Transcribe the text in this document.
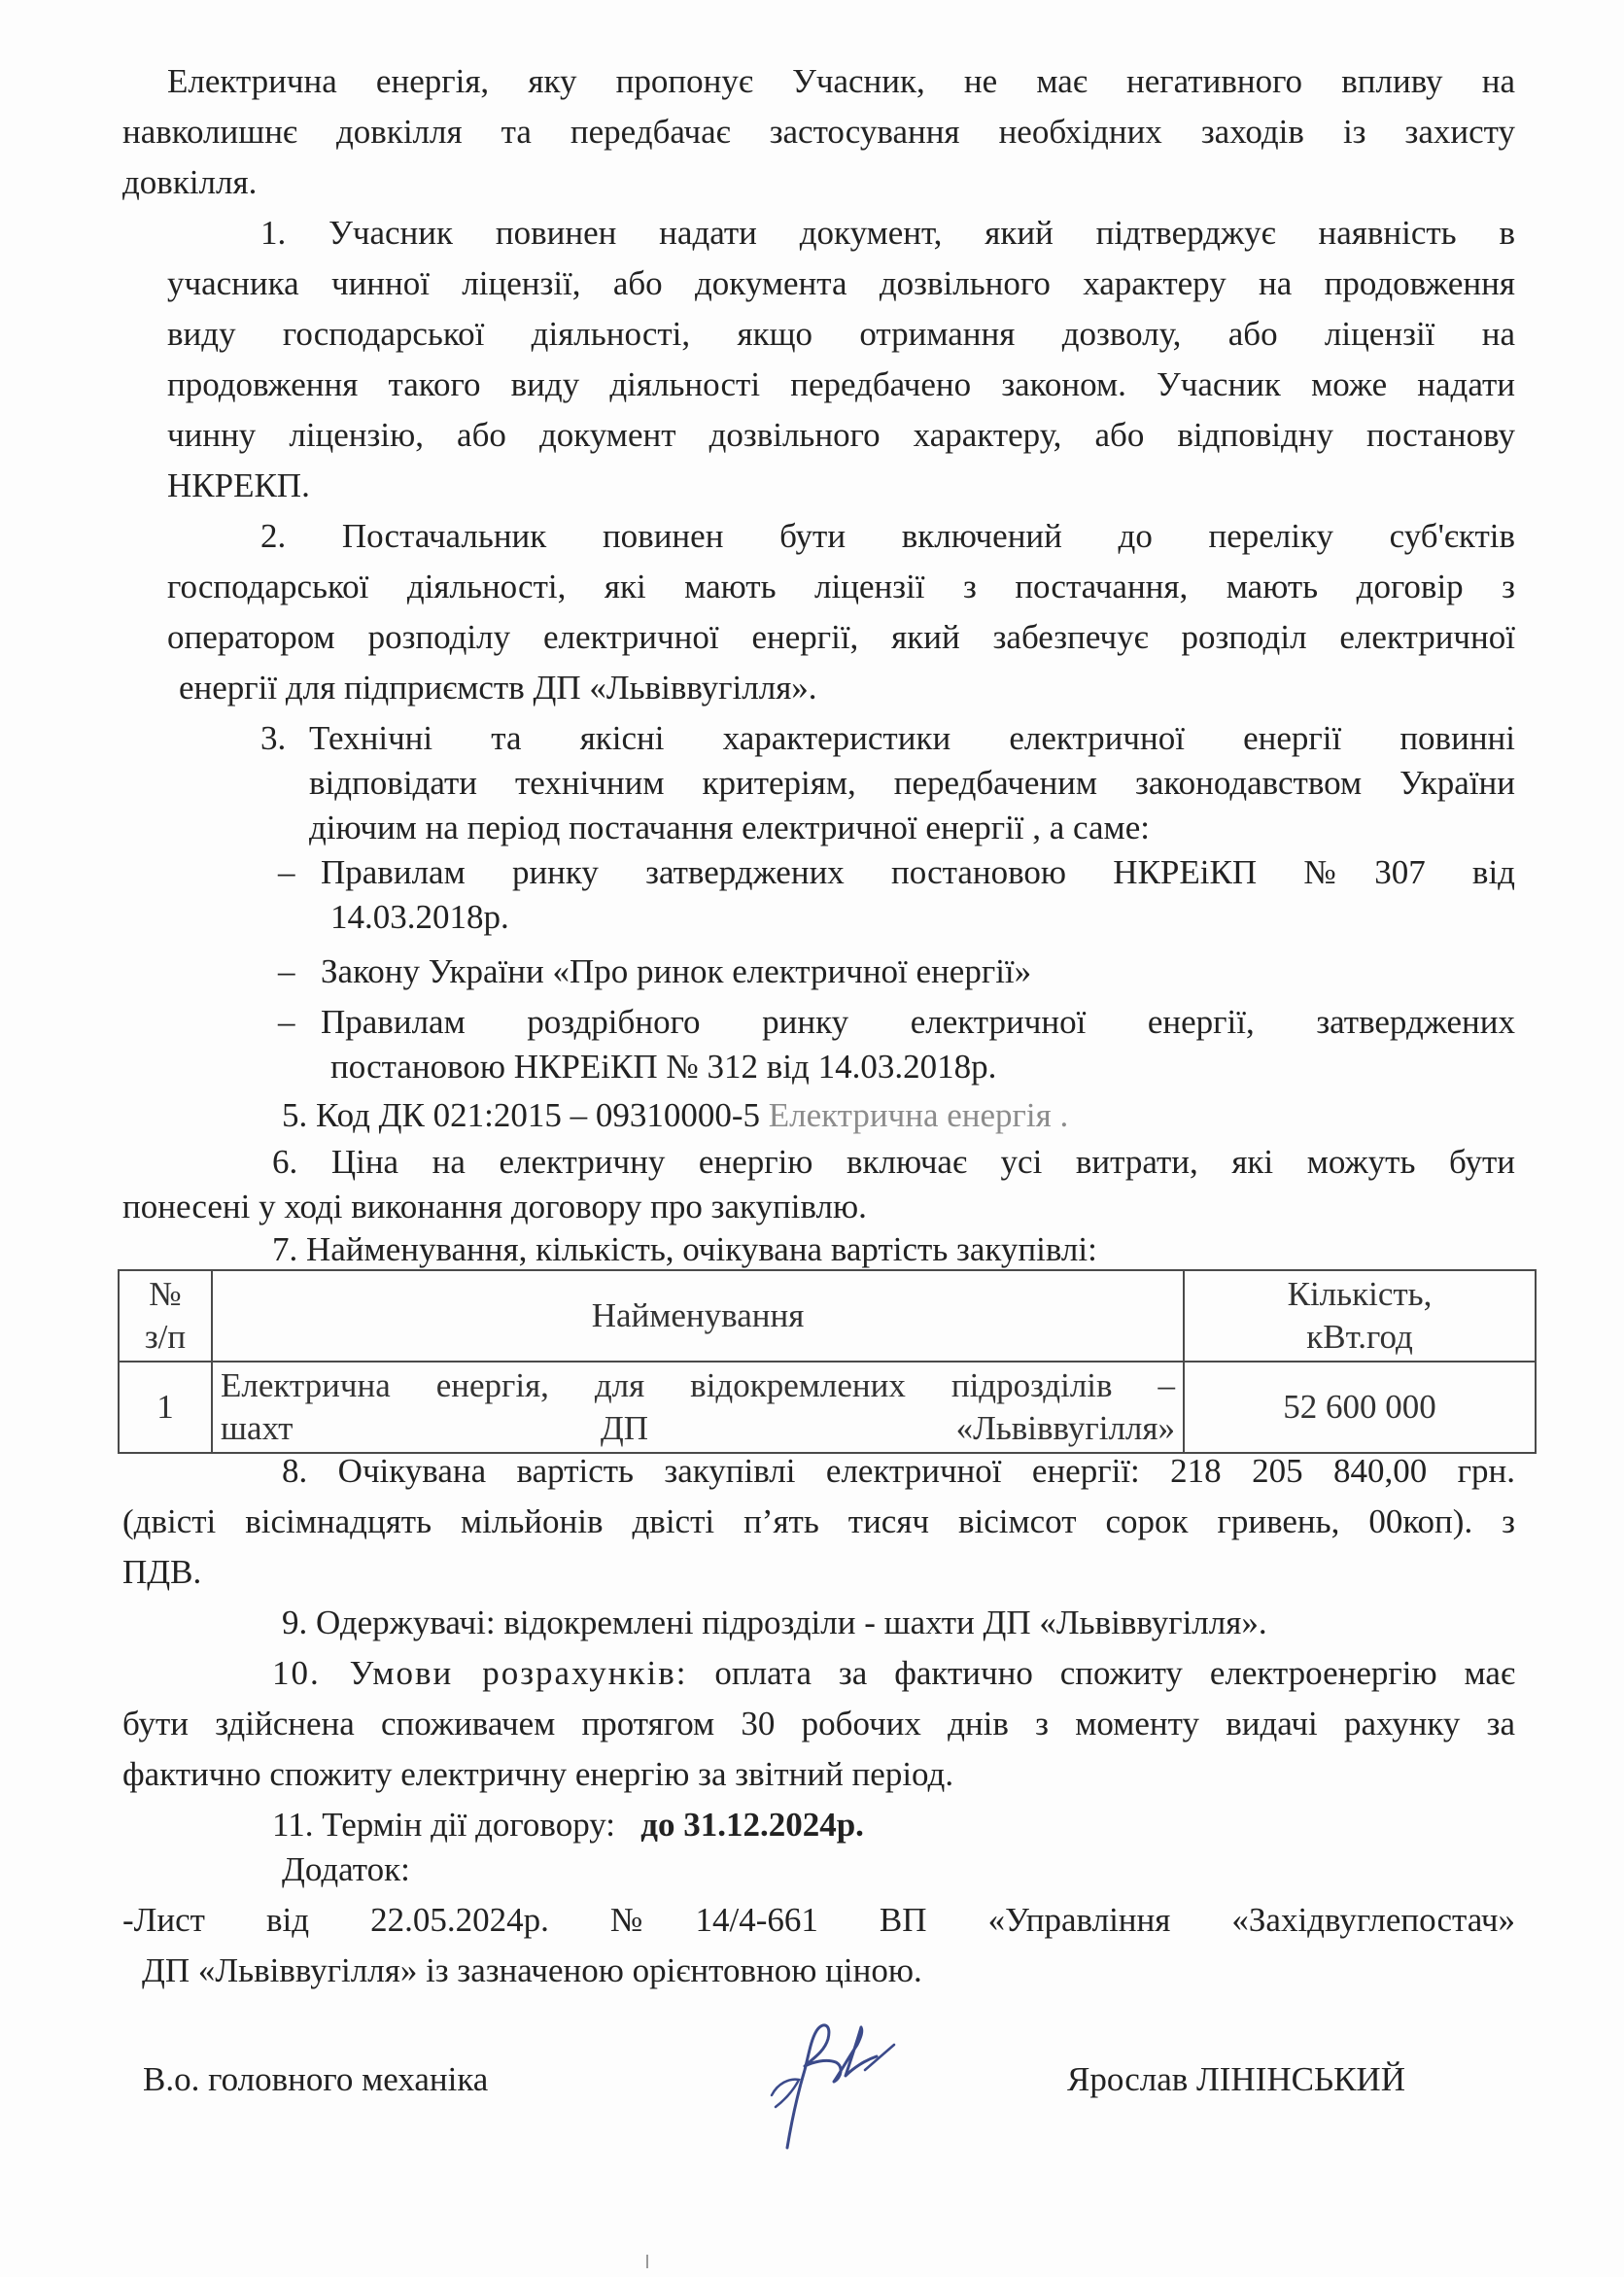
Електрична енергія, яку пропонує Учасник, не має негативного впливу на

навколишнє довкілля та передбачає застосування необхідних заходів із захисту

довкілля.

1. Учасник повинен надати документ, який підтверджує наявність в

учасника чинної ліцензії, або документа дозвільного характеру на продовження

виду господарської діяльності, якщо отримання дозволу, або ліцензії на

продовження такого виду діяльності передбачено законом. Учасник може надати

чинну ліцензію, або документ дозвільного характеру, або відповідну постанову

НКРЕКП.

2. Постачальник повинен бути включений до переліку суб'єктів

господарської діяльності, які мають ліцензії з постачання, мають договір з

оператором розподілу електричної енергії, який забезпечує розподіл електричної

енергії для підприємств ДП «Львіввугілля».

3. Технічні та якісні характеристики електричної енергії повинні

відповідати технічним критеріям, передбаченим законодавством України

діючим на період постачання електричної енергії , а саме:

– Правилам ринку затверджених постановою НКРЕіКП №307 від

14.03.2018р.

– Закону України «Про ринок електричної енергії»

– Правилам роздрібного ринку електричної енергії, затверджених

постановою НКРЕіКП № 312 від 14.03.2018р.

5. Код ДК 021:2015 – 09310000-5 Електрична енергія .

6. Ціна на електричну енергію включає усі витрати, які можуть бути

понесені у ході виконання договору про закупівлю.

7. Найменування, кількість, очікувана вартість закупівлі:

№
з/п	Найменування	Кількість,
кВт.год
1	Електрична енергія, для відокремлених підрозділів –
шахт ДП «Львіввугілля»	52 600 000

8. Очікувана вартість закупівлі електричної енергії: 218 205 840,00 грн.

(двісті вісімнадцять мільйонів двісті п’ять тисяч вісімсот сорок гривень, 00коп). з

ПДВ.

9. Одержувачі: відокремлені підрозділи - шахти ДП «Львіввугілля».

10. Умови розрахунків: оплата за фактично спожиту електроенергію має

бути здійснена споживачем протягом 30 робочих днів з моменту видачі рахунку за

фактично спожиту електричну енергію за звітний період.

11. Термін дії договору: до 31.12.2024р.

Додаток:

-Лист від 22.05.2024р. №14/4-661 ВП «Управління «Західвуглепостач»

ДП «Львіввугілля» із зазначеною орієнтовною ціною.

В.о. головного механіка	Ярослав ЛІНІНСЬКИЙ
